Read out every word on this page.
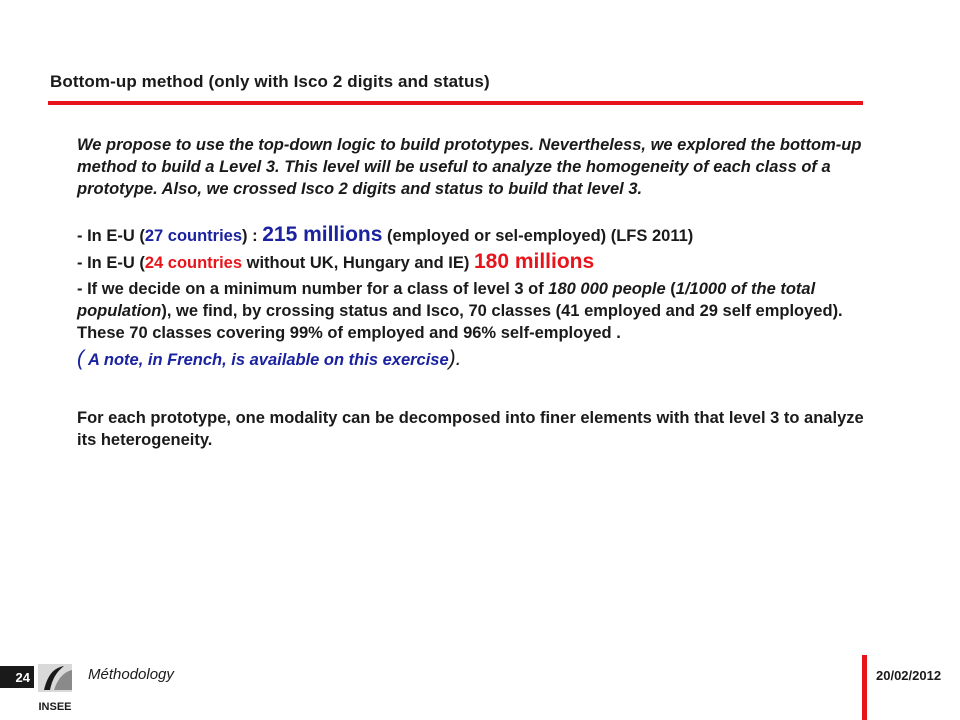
Bottom-up method (only with Isco 2 digits and status)

We propose to use the top-down logic to build prototypes. Nevertheless, we explored the bottom-up method to build a Level 3. This level will be useful to analyze the homogeneity of each class of a prototype. Also, we crossed Isco 2 digits and status to build that level 3.

- In E-U (27 countries) : 215 millions (employed or sel-employed) (LFS 2011)

- In E-U (24 countries without UK, Hungary and IE) 180 millions

- If we decide on a minimum number for a class of level 3 of 180 000 people (1/1000 of the total population), we find, by crossing status and Isco, 70 classes (41 employed and 29 self employed). These 70 classes covering 99% of employed and 96% self-employed .

( A note, in French, is available on this exercise).

For each prototype, one modality can be decomposed into finer elements with that level 3 to analyze its heterogeneity.

24
INSEE
Méthodology	20/02/2012
